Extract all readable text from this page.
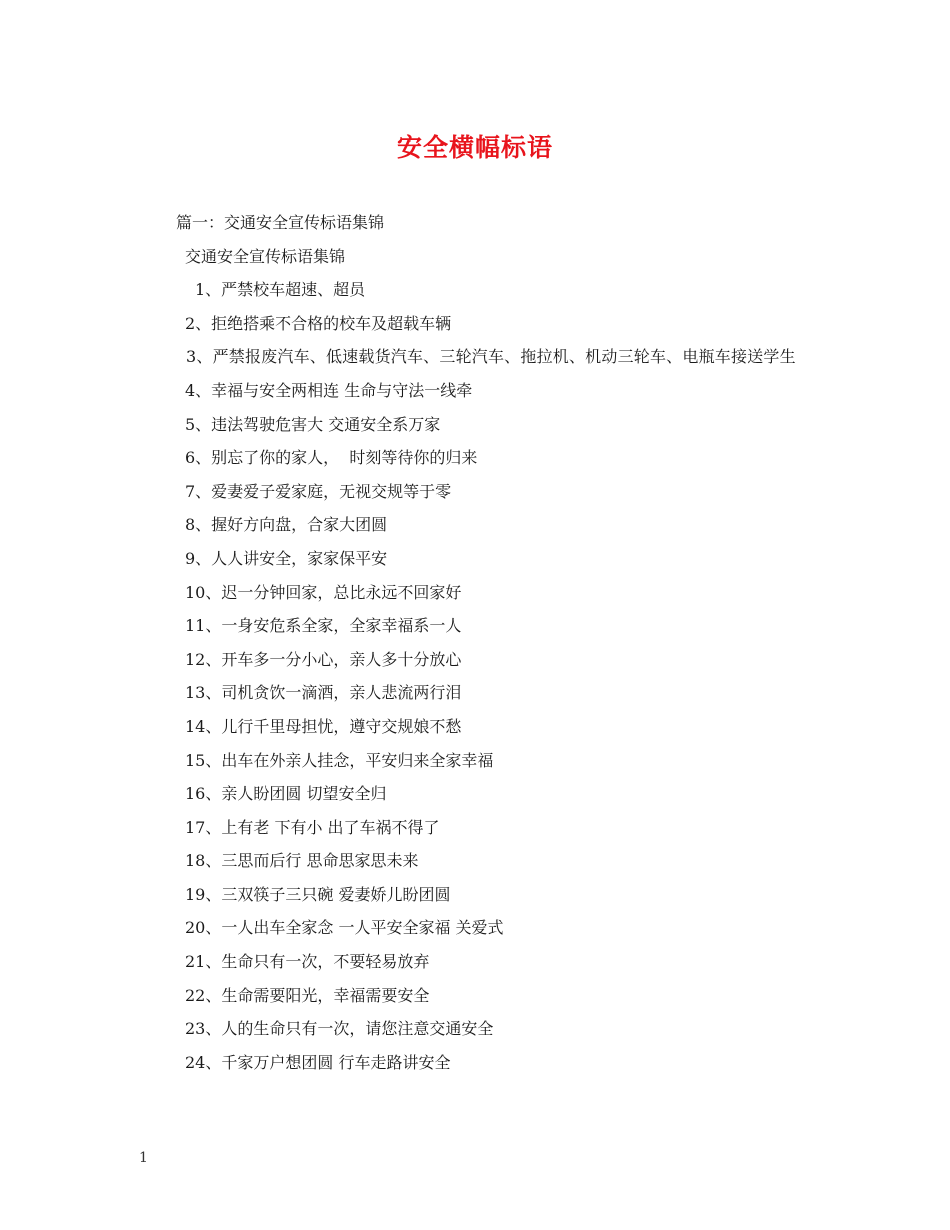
安全横幅标语
篇一：交通安全宣传标语集锦
交通安全宣传标语集锦
1、严禁校车超速、超员
2、拒绝搭乘不合格的校车及超载车辆
3、严禁报废汽车、低速载货汽车、三轮汽车、拖拉机、机动三轮车、电瓶车接送学生
4、幸福与安全两相连 生命与守法一线牵
5、违法驾驶危害大 交通安全系万家
6、别忘了你的家人，  时刻等待你的归来
7、爱妻爱子爱家庭，无视交规等于零
8、握好方向盘，合家大团圆
9、人人讲安全，家家保平安
10、迟一分钟回家，总比永远不回家好
11、一身安危系全家，全家幸福系一人
12、开车多一分小心，亲人多十分放心
13、司机贪饮一滴酒，亲人悲流两行泪
14、儿行千里母担忧，遵守交规娘不愁
15、出车在外亲人挂念，平安归来全家幸福
16、亲人盼团圆 切望安全归
17、上有老 下有小 出了车祸不得了
18、三思而后行 思命思家思未来
19、三双筷子三只碗 爱妻娇儿盼团圆
20、一人出车全家念 一人平安全家福 关爱式
21、生命只有一次，不要轻易放弃
22、生命需要阳光，幸福需要安全
23、人的生命只有一次，请您注意交通安全
24、千家万户想团圆 行车走路讲安全
1
